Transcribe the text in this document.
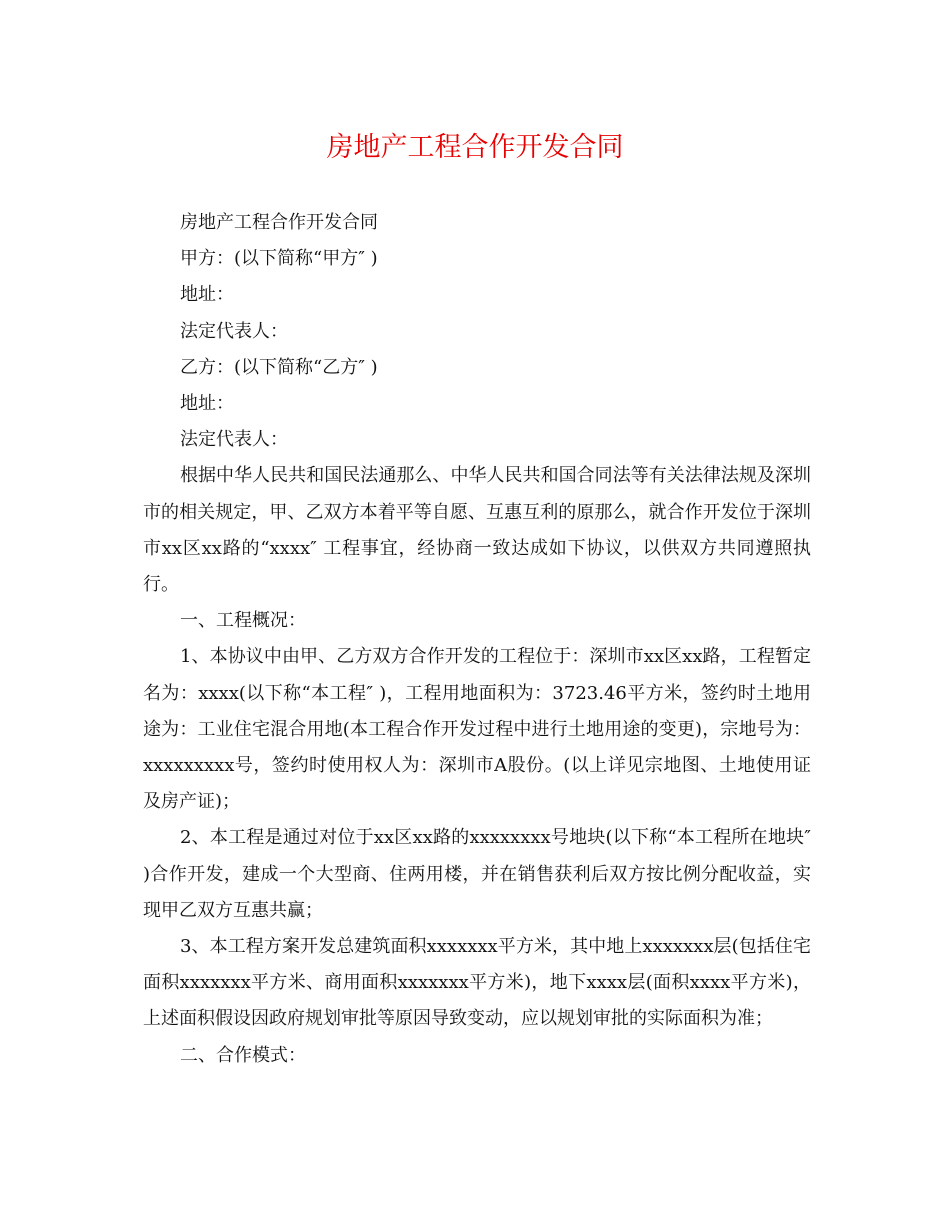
房地产工程合作开发合同

房地产工程合作开发合同

甲方：(以下简称“甲方″ )

地址：

法定代表人：

乙方：(以下简称“乙方″ )

地址：

法定代表人：

根据中华人民共和国民法通那么、中华人民共和国合同法等有关法律法规及深圳市的相关规定，甲、乙双方本着平等自愿、互惠互利的原那么，就合作开发位于深圳市xx区xx路的“xxxx″ 工程事宜，经协商一致达成如下协议，以供双方共同遵照执行。

一、工程概况：

1、本协议中由甲、乙方双方合作开发的工程位于：深圳市xx区xx路，工程暂定名为：xxxx(以下称“本工程″ )，工程用地面积为：3723.46平方米，签约时土地用途为：工业住宅混合用地(本工程合作开发过程中进行土地用途的变更)，宗地号为：xxxxxxxxx号，签约时使用权人为：深圳市A股份。(以上详见宗地图、土地使用证及房产证)；

2、本工程是通过对位于xx区xx路的xxxxxxxx号地块(以下称“本工程所在地块″ )合作开发，建成一个大型商、住两用楼，并在销售获利后双方按比例分配收益，实现甲乙双方互惠共赢；

3、本工程方案开发总建筑面积xxxxxxx平方米，其中地上xxxxxxx层(包括住宅面积xxxxxxx平方米、商用面积xxxxxxx平方米)，地下xxxx层(面积xxxx平方米)，上述面积假设因政府规划审批等原因导致变动，应以规划审批的实际面积为准；

二、合作模式：
